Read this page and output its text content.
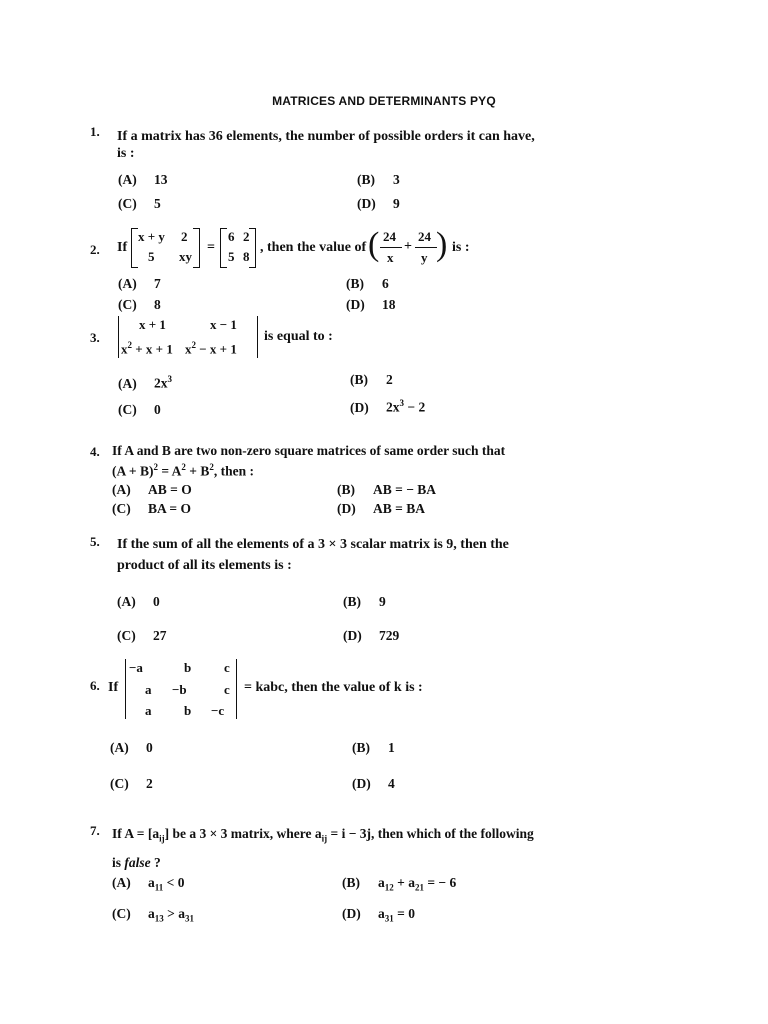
MATRICES AND DETERMINANTS PYQ
1. If a matrix has 36 elements, the number of possible orders it can have,
is :
(A) 13	(B) 3
(C) 5	(D) 9
2. If
x + y 2
5 xy
=
6 2
5 8
, then the value of ( 24
x
+
24
y ) is :
(A) 7	(B) 6
(C) 8	(D) 18
3.
x + 1	x − 1
$x^2 + x + 1$ $x^2 - x + 1$
is equal to :
(A) $2x^3$	(B) 2
(C) 0	(D) $2x^3 - 2$
4. If A and B are two non-zero square matrices of same order such that
$(A + B)^2 = A^2 + B^2$, then :
(A) AB = O	(B) AB = − BA
(C) BA = O	(D) AB = BA
5. If the sum of all the elements of a 3 × 3 scalar matrix is 9, then the
product of all its elements is :
(A) 0	(B) 9
(C) 27	(D) 729
6. If
−a	b	c
a −b	c
a	b −c
= kabc, then the value of k is :
(A) 0	(B) 1
(C) 2	(D) 4
7. If $A = [a_{ij}]$ be a 3 × 3 matrix, where $a_{ij} = i - 3j$, then which of the following
is false ?
(A) $a_{11} < 0$	(B) $a_{12} + a_{21}$ = − 6
(C) $a_{13} > a_{31}$	(D) $a_{31} = 0$
